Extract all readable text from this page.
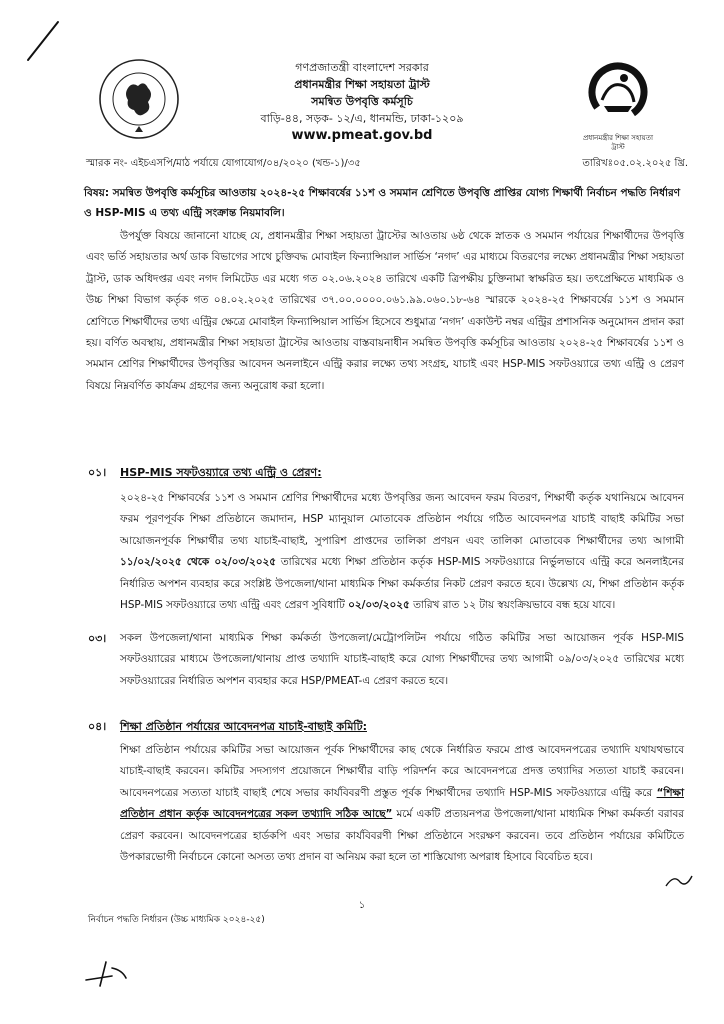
প্রধানমন্ত্রীর শিক্ষা সহায়তা ট্রাস্ট
গণপ্রজাতন্ত্রী বাংলাদেশ সরকার
প্রধানমন্ত্রীর শিক্ষা সহায়তা ট্রাস্ট
সমন্বিত উপবৃত্তি কর্মসূচি
বাড়ি-৪৪, সড়ক- ১২/এ, ধানমন্ডি, ঢাকা-১২০৯
www.pmeat.gov.bd
স্মারক নং- এইচএসপি/মাঠ পর্যায়ে যোগাযোগ/০৪/২০২০ (খন্ড-১)/৩৫	তারিখঃ০৫.০২.২০২৫ খ্রি.
বিষয়: সমন্বিত উপবৃত্তি কর্মসূচির আওতায় ২০২৪-২৫ শিক্ষাবর্ষের ১১শ ও সমমান শ্রেণিতে উপবৃত্তি প্রাপ্তির যোগ্য শিক্ষার্থী নির্বাচন পদ্ধতি নির্ধারণ ও HSP-MIS এ তথ্য এন্ট্রি সংক্রান্ত নিয়মাবলি।
উপর্যুক্ত বিষয়ে জানানো যাচ্ছে যে, প্রধানমন্ত্রীর শিক্ষা সহায়তা ট্রাস্টের আওতায় ৬ষ্ঠ থেকে স্নাতক ও সমমান পর্যায়ের শিক্ষার্থীদের উপবৃত্তি এবং ভর্তি সহায়তার অর্থ ডাক বিভাগের সাথে চুক্তিবদ্ধ মোবাইল ফিন্যান্সিয়াল সার্ভিস ‘নগদ’ এর মাধ্যমে বিতরণের লক্ষ্যে প্রধানমন্ত্রীর শিক্ষা সহায়তা ট্রাস্ট, ডাক অধিদপ্তর এবং নগদ লিমিটেড এর মধ্যে গত ০২.০৬.২০২৪ তারিখে একটি ত্রিপক্ষীয় চুক্তিনামা স্বাক্ষরিত হয়। তৎপ্রেক্ষিতে মাধ্যমিক ও উচ্চ শিক্ষা বিভাগ কর্তৃক গত ০৪.০২.২০২৫ তারিখের ৩৭.০০.০০০০.০৬১.৯৯.০৬০.১৮-৬৪ স্মারকে ২০২৪-২৫ শিক্ষাবর্ষের ১১শ ও সমমান শ্রেণিতে শিক্ষার্থীদের তথ্য এন্ট্রির ক্ষেত্রে মোবাইল ফিন্যান্সিয়াল সার্ভিস হিসেবে শুধুমাত্র ‘নগদ’ একাউন্ট নম্বর এন্ট্রির প্রশাসনিক অনুমোদন প্রদান করা হয়। বর্ণিত অবস্থায়, প্রধানমন্ত্রীর শিক্ষা সহায়তা ট্রাস্টের আওতায় বাস্তবায়নাধীন সমন্বিত উপবৃত্তি কর্মসূচির আওতায় ২০২৪-২৫ শিক্ষাবর্ষের ১১শ ও সমমান শ্রেণির শিক্ষার্থীদের উপবৃত্তির আবেদন অনলাইনে এন্ট্রি করার লক্ষ্যে তথ্য সংগ্রহ, যাচাই এবং HSP-MIS সফটওয়্যারে তথ্য এন্ট্রি ও প্রেরণ বিষয়ে নিম্নবর্ণিত কার্যক্রম গ্রহণের জন্য অনুরোধ করা হলো।
০১। HSP-MIS সফটওয়্যারে তথ্য এন্ট্রি ও প্রেরণ:
২০২৪-২৫ শিক্ষাবর্ষের ১১শ ও সমমান শ্রেণির শিক্ষার্থীদের মধ্যে উপবৃত্তির জন্য আবেদন ফরম বিতরণ, শিক্ষার্থী কর্তৃক যথানিয়মে আবেদন ফরম পূরণপূর্বক শিক্ষা প্রতিষ্ঠানে জমাদান, HSP ম্যানুয়াল মোতাবেক প্রতিষ্ঠান পর্যায়ে গঠিত আবেদনপত্র যাচাই বাছাই কমিটির সভা আয়োজনপূর্বক শিক্ষার্থীর তথ্য যাচাই-বাছাই, সুপারিশ প্রাপ্তদের তালিকা প্রণয়ন এবং তালিকা মোতাবেক শিক্ষার্থীদের তথ্য আগামী ১১/০২/২০২৫ থেকে ০২/০৩/২০২৫ তারিখের মধ্যে শিক্ষা প্রতিষ্ঠান কর্তৃক HSP-MIS সফটওয়্যারে নির্ভুলভাবে এন্ট্রি করে অনলাইনের নির্ধারিত অপশন ব্যবহার করে সংশ্লিষ্ট উপজেলা/থানা মাধ্যমিক শিক্ষা কর্মকর্তার নিকট প্রেরণ করতে হবে। উল্লেখ্য যে, শিক্ষা প্রতিষ্ঠান কর্তৃক HSP-MIS সফটওয়্যারে তথ্য এন্ট্রি এবং প্রেরণ সুবিধাটি ০২/০৩/২০২৫ তারিখ রাত ১২ টায় স্বয়ংক্রিয়ভাবে বন্ধ হয়ে যাবে।
০৩। সকল উপজেলা/থানা মাধ্যমিক শিক্ষা কর্মকর্তা উপজেলা/মেট্রোপলিটন পর্যায়ে গঠিত কমিটির সভা আয়োজন পূর্বক HSP-MIS সফটওয়্যারের মাধ্যমে উপজেলা/থানায় প্রাপ্ত তথ্যাদি যাচাই-বাছাই করে যোগ্য শিক্ষার্থীদের তথ্য আগামী ০৯/০৩/২০২৫ তারিখের মধ্যে সফটওয়্যারের নির্ধারিত অপশন ব্যবহার করে HSP/PMEAT-এ প্রেরণ করতে হবে।
০৪। শিক্ষা প্রতিষ্ঠান পর্যায়ের আবেদনপত্র যাচাই-বাছাই কমিটি:
শিক্ষা প্রতিষ্ঠান পর্যায়ের কমিটির সভা আয়োজন পূর্বক শিক্ষার্থীদের কাছ থেকে নির্ধারিত ফরমে প্রাপ্ত আবেদনপত্রের তথ্যাদি যথাযথভাবে যাচাই-বাছাই করবেন। কমিটির সদস্যগণ প্রয়োজনে শিক্ষার্থীর বাড়ি পরিদর্শন করে আবেদনপত্রে প্রদত্ত তথ্যাদির সত্যতা যাচাই করবেন। আবেদনপত্রের সত্যতা যাচাই বাছাই শেষে সভার কার্যবিবরণী প্রস্তুত পূর্বক শিক্ষার্থীদের তথ্যাদি HSP-MIS সফটওয়্যারে এন্ট্রি করে “শিক্ষা প্রতিষ্ঠান প্রধান কর্তৃক আবেদনপত্রের সকল তথ্যাদি সঠিক আছে” মর্মে একটি প্রত্যয়নপত্র উপজেলা/থানা মাধ্যমিক শিক্ষা কর্মকর্তা বরাবর প্রেরণ করবেন। আবেদনপত্রের হার্ডকপি এবং সভার কার্যবিবরণী শিক্ষা প্রতিষ্ঠানে সংরক্ষণ করবেন। তবে প্রতিষ্ঠান পর্যায়ের কমিটিতে উপকারভোগী নির্বাচনে কোনো অসত্য তথ্য প্রদান বা অনিয়ম করা হলে তা শাস্তিযোগ্য অপরাধ হিসাবে বিবেচিত হবে।
১
নির্বাচন পদ্ধতি নির্ধারন (উচ্চ মাধ্যমিক ২০২৪-২৫)
